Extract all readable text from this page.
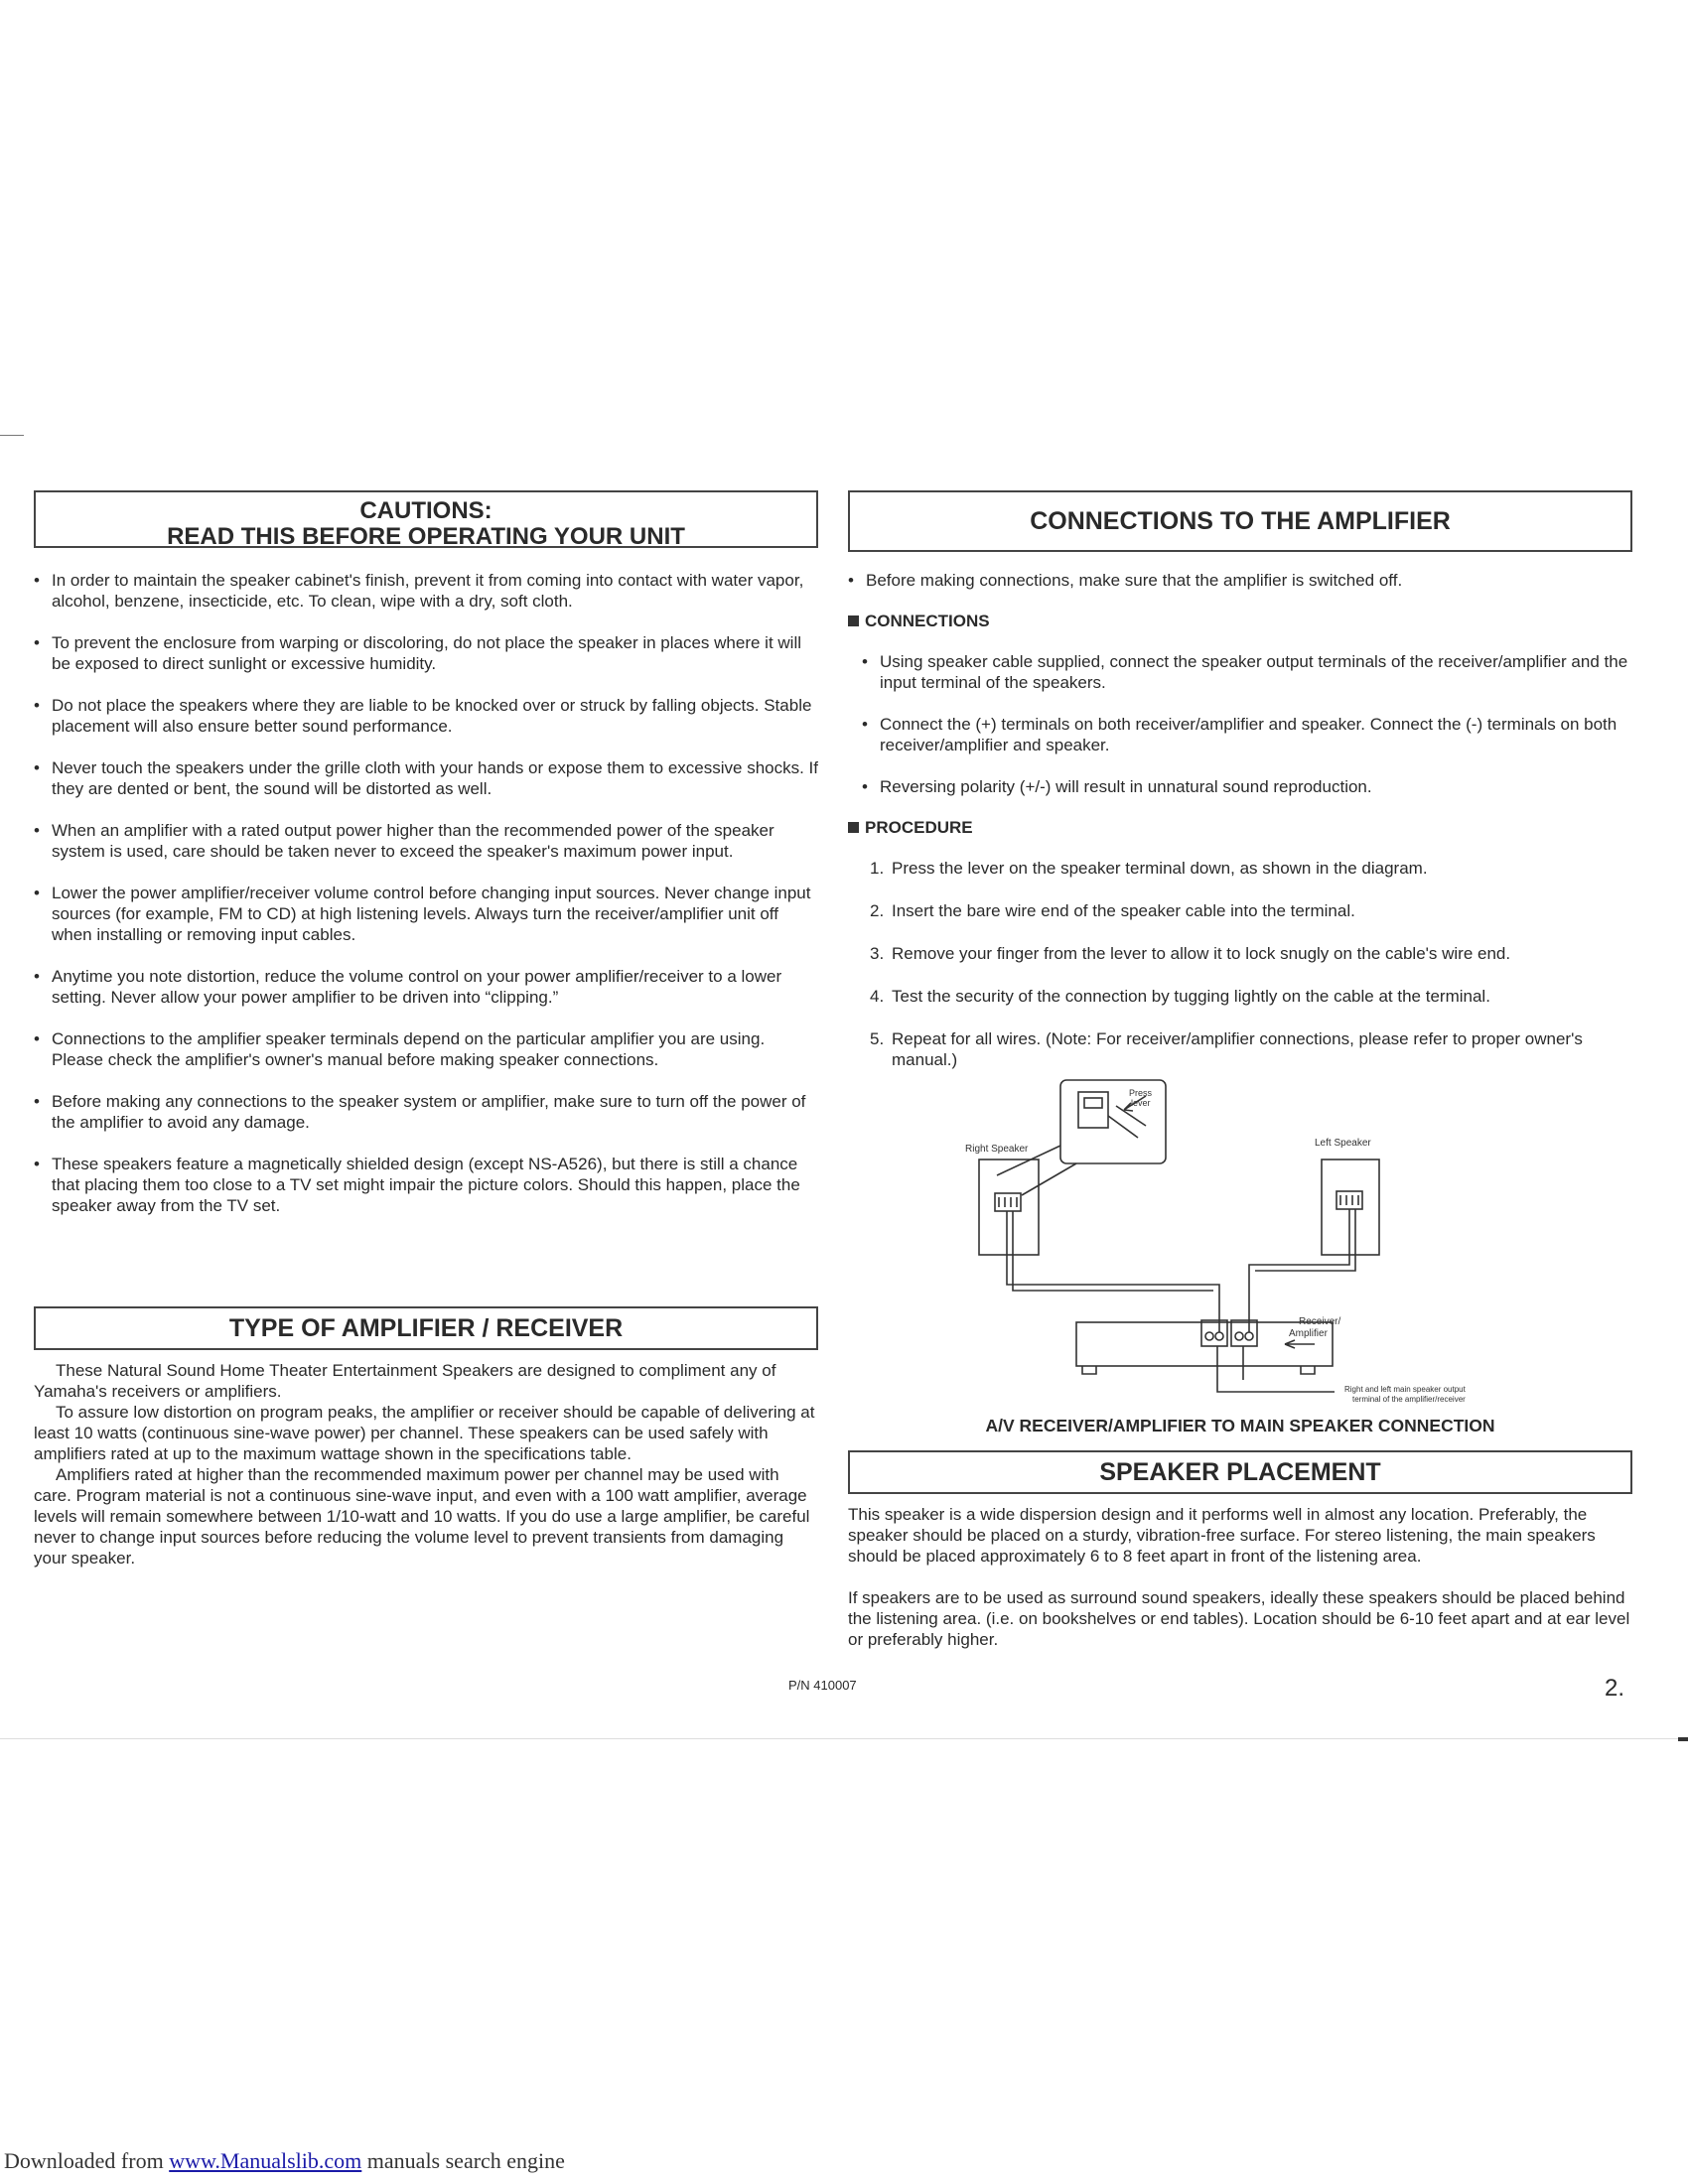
CAUTIONS:
READ THIS BEFORE OPERATING YOUR UNIT
• In order to maintain the speaker cabinet's finish, prevent it from coming into contact with water vapor, alcohol, benzene, insecticide, etc. To clean, wipe with a dry, soft cloth.
• To prevent the enclosure from warping or discoloring, do not place the speaker in places where it will be exposed to direct sunlight or excessive humidity.
• Do not place the speakers where they are liable to be knocked over or struck by falling objects. Stable placement will also ensure better sound performance.
• Never touch the speakers under the grille cloth with your hands or expose them to excessive shocks. If they are dented or bent, the sound will be distorted as well.
• When an amplifier with a rated output power higher than the recommended power of the speaker system is used, care should be taken never to exceed the speaker's maximum power input.
• Lower the power amplifier/receiver volume control before changing input sources. Never change input sources (for example, FM to CD) at high listening levels. Always turn the receiver/amplifier unit off when installing or removing input cables.
• Anytime you note distortion, reduce the volume control on your power amplifier/receiver to a lower setting. Never allow your power amplifier to be driven into “clipping.”
• Connections to the amplifier speaker terminals depend on the particular amplifier you are using. Please check the amplifier's owner's manual before making speaker connections.
• Before making any connections to the speaker system or amplifier, make sure to turn off the power of the amplifier to avoid any damage.
• These speakers feature a magnetically shielded design (except NS-A526), but there is still a chance that placing them too close to a TV set might impair the picture colors. Should this happen, place the speaker away from the TV set.
TYPE OF AMPLIFIER / RECEIVER

These Natural Sound Home Theater Entertainment Speakers are designed to compliment any of Yamaha's receivers or amplifiers.

To assure low distortion on program peaks, the amplifier or receiver should be capable of delivering at least 10 watts (continuous sine-wave power) per channel. These speakers can be used safely with amplifiers rated at up to the maximum wattage shown in the specifications table.

Amplifiers rated at higher than the recommended maximum power per channel may be used with care. Program material is not a continuous sine-wave input, and even with a 100 watt amplifier, average levels will remain somewhere between 1/10-watt and 10 watts. If you do use a large amplifier, be careful never to change input sources before reducing the volume level to prevent transients from damaging your speaker.

CONNECTIONS TO THE AMPLIFIER
• Before making connections, make sure that the amplifier is switched off.
CONNECTIONS
• Using speaker cable supplied, connect the speaker output terminals of the receiver/amplifier and the input terminal of the speakers.
• Connect the (+) terminals on both receiver/amplifier and speaker. Connect the (-) terminals on both receiver/amplifier and speaker.
• Reversing polarity (+/-) will result in unnatural sound reproduction.
PROCEDURE
1. Press the lever on the speaker terminal down, as shown in the diagram.
2. Insert the bare wire end of the speaker cable into the terminal.
3. Remove your finger from the lever to allow it to lock snugly on the cable's wire end.
4. Test the security of the connection by tugging lightly on the cable at the terminal.
5. Repeat for all wires. (Note: For receiver/amplifier connections, please refer to proper owner's manual.)
Press
lever
Right Speaker
Left Speaker
Receiver/
Amplifier
Right and left main speaker output
terminal of the amplifier/receiver

A/V RECEIVER/AMPLIFIER TO MAIN SPEAKER CONNECTION

SPEAKER PLACEMENT

This speaker is a wide dispersion design and it performs well in almost any location. Preferably, the speaker should be placed on a sturdy, vibration-free surface. For stereo listening, the main speakers should be placed approximately 6 to 8 feet apart in front of the listening area.

If speakers are to be used as surround sound speakers, ideally these speakers should be placed behind the listening area. (i.e. on bookshelves or end tables). Location should be 6-10 feet apart and at ear level or preferably higher.

P/N 410007	2.
Downloaded from www.Manualslib.com manuals search engine
